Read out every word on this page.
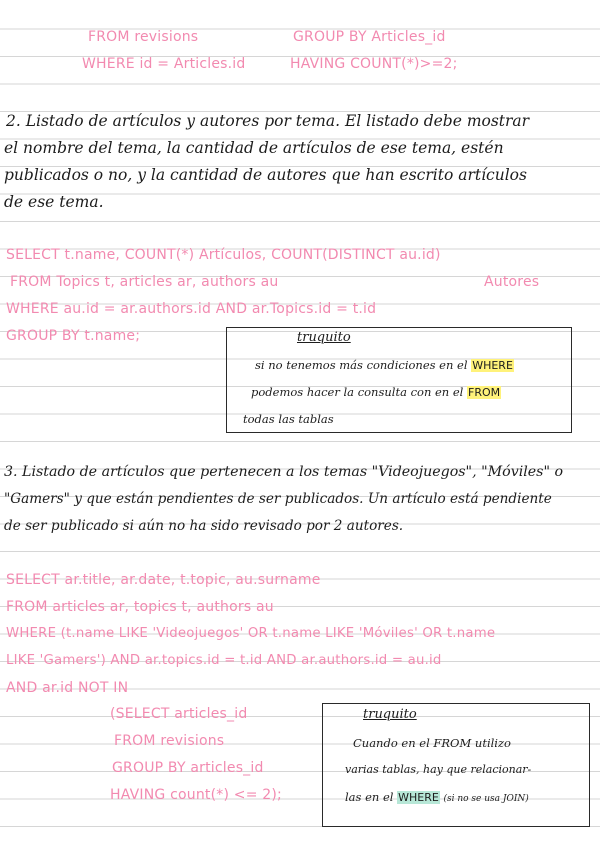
FROM revisions	GROUP BY Articles_id
WHERE id = Articles.id	HAVING COUNT(*)>=2;
2. Listado de artículos y autores por tema. El listado debe mostrar
el nombre del tema, la cantidad de artículos de ese tema, estén
publicados o no, y la cantidad de autores que han escrito artículos
de ese tema.
SELECT t.name, COUNT(*) Artículos, COUNT(DISTINCT au.id)
FROM Topics t, articles ar, authors au	Autores
WHERE au.id = ar.authors.id AND ar.Topics.id = t.id
GROUP BY t.name;	truquito
si no tenemos más condiciones en el WHERE
podemos hacer la consulta con en el FROM
todas las tablas
3. Listado de artículos que pertenecen a los temas "Videojuegos", "Móviles" o
"Gamers" y que están pendientes de ser publicados. Un artículo está pendiente
de ser publicado si aún no ha sido revisado por 2 autores.
SELECT ar.title, ar.date, t.topic, au.surname
FROM articles ar, topics t, authors au
WHERE (t.name LIKE 'Videojuegos' OR t.name LIKE 'Móviles' OR t.name
LIKE 'Gamers') AND ar.topics.id = t.id AND ar.authors.id = au.id
AND ar.id NOT IN
(SELECT articles_id
FROM revisions
GROUP BY articles_id
HAVING count(*) <= 2);
truquito
Cuando en el FROM utilizo
varias tablas, hay que relacionar-
las en el WHERE (si no se usa JOIN)
